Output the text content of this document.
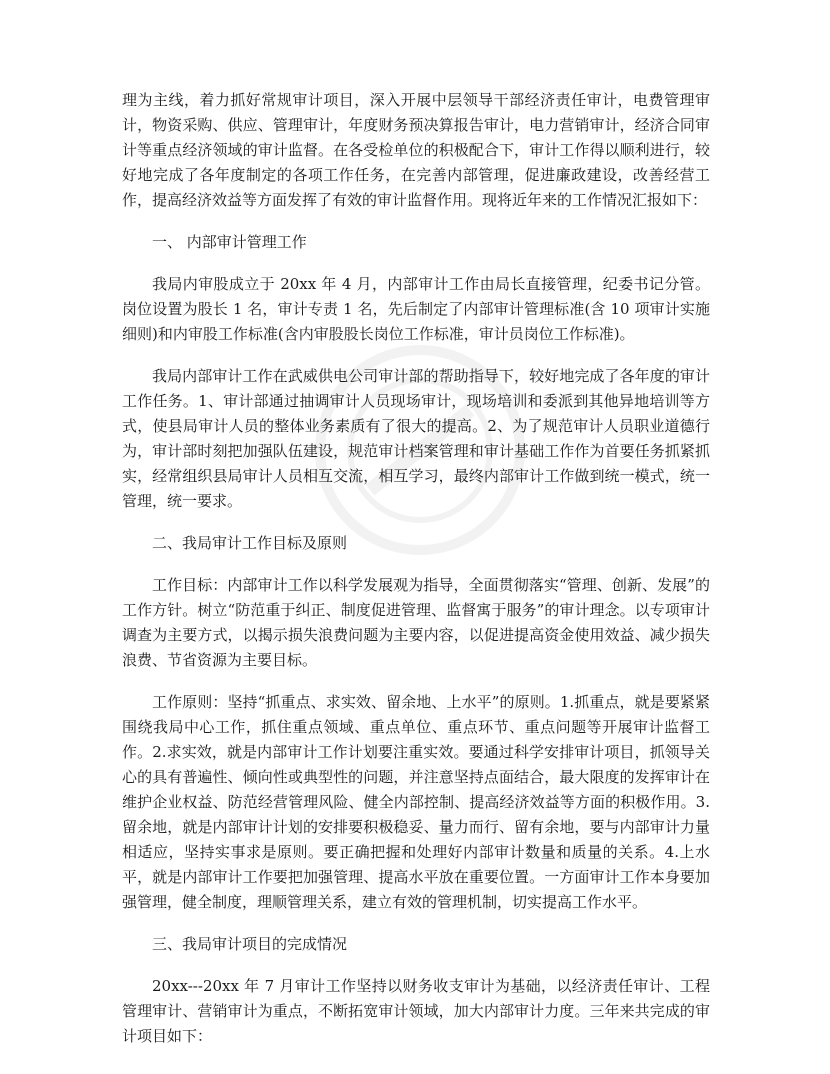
理为主线，着力抓好常规审计项目，深入开展中层领导干部经济责任审计，电费管理审计，物资采购、供应、管理审计，年度财务预决算报告审计，电力营销审计，经济合同审计等重点经济领域的审计监督。在各受检单位的积极配合下，审计工作得以顺利进行，较好地完成了各年度制定的各项工作任务，在完善内部管理，促进廉政建设，改善经营工作，提高经济效益等方面发挥了有效的审计监督作用。现将近年来的工作情况汇报如下：

一、 内部审计管理工作

我局内审股成立于 20xx 年 4 月，内部审计工作由局长直接管理，纪委书记分管。岗位设置为股长 1 名，审计专责 1 名，先后制定了内部审计管理标准(含 10 项审计实施细则)和内审股工作标准(含内审股股长岗位工作标准，审计员岗位工作标准)。

我局内部审计工作在武威供电公司审计部的帮助指导下，较好地完成了各年度的审计工作任务。1、审计部通过抽调审计人员现场审计，现场培训和委派到其他异地培训等方式，使县局审计人员的整体业务素质有了很大的提高。2、为了规范审计人员职业道德行为，审计部时刻把加强队伍建设，规范审计档案管理和审计基础工作作为首要任务抓紧抓实，经常组织县局审计人员相互交流，相互学习，最终内部审计工作做到统一模式，统一管理，统一要求。

二、我局审计工作目标及原则

工作目标：内部审计工作以科学发展观为指导，全面贯彻落实“管理、创新、发展”的工作方针。树立“防范重于纠正、制度促进管理、监督寓于服务”的审计理念。以专项审计调查为主要方式，以揭示损失浪费问题为主要内容，以促进提高资金使用效益、减少损失浪费、节省资源为主要目标。

工作原则：坚持“抓重点、求实效、留余地、上水平”的原则。1.抓重点，就是要紧紧围绕我局中心工作，抓住重点领域、重点单位、重点环节、重点问题等开展审计监督工作。2.求实效，就是内部审计工作计划要注重实效。要通过科学安排审计项目，抓领导关心的具有普遍性、倾向性或典型性的问题，并注意坚持点面结合，最大限度的发挥审计在维护企业权益、防范经营管理风险、健全内部控制、提高经济效益等方面的积极作用。3.留余地，就是内部审计计划的安排要积极稳妥、量力而行、留有余地，要与内部审计力量相适应，坚持实事求是原则。要正确把握和处理好内部审计数量和质量的关系。4.上水平，就是内部审计工作要把加强管理、提高水平放在重要位置。一方面审计工作本身要加强管理，健全制度，理顺管理关系，建立有效的管理机制，切实提高工作水平。

三、我局审计项目的完成情况

20xx---20xx 年 7 月审计工作坚持以财务收支审计为基础，以经济责任审计、工程管理审计、营销审计为重点，不断拓宽审计领域，加大内部审计力度。三年来共完成的审计项目如下：
